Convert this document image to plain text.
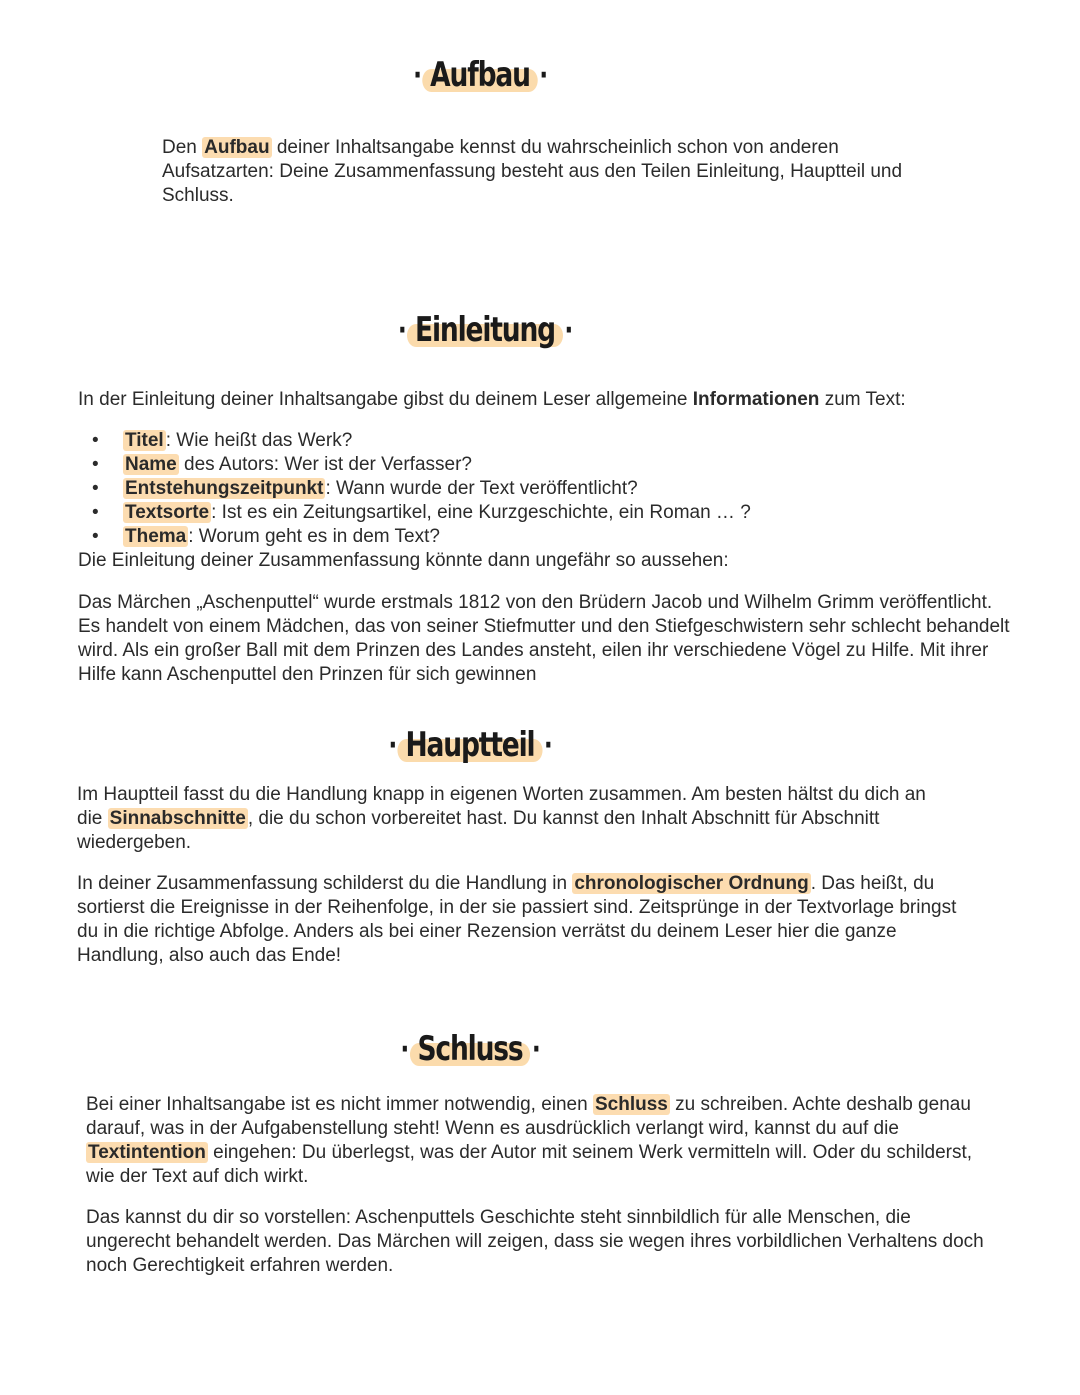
· Aufbau ·

Den Aufbau deiner Inhaltsangabe kennst du wahrscheinlich schon von anderen Aufsatzarten: Deine Zusammenfassung besteht aus den Teilen Einleitung, Hauptteil und Schluss.

· Einleitung ·

In der Einleitung deiner Inhaltsangabe gibst du deinem Leser allgemeine Informationen zum Text:

• Titel : Wie heißt das Werk?
• Name des Autors: Wer ist der Verfasser?
• Entstehungszeitpunkt : Wann wurde der Text veröffentlicht?
• Textsorte : Ist es ein Zeitungsartikel, eine Kurzgeschichte, ein Roman … ?
• Thema : Worum geht es in dem Text?

Die Einleitung deiner Zusammenfassung könnte dann ungefähr so aussehen:

Das Märchen „Aschenputtel“ wurde erstmals 1812 von den Brüdern Jacob und Wilhelm Grimm veröffentlicht. Es handelt von einem Mädchen, das von seiner Stiefmutter und den Stiefgeschwistern sehr schlecht behandelt wird. Als ein großer Ball mit dem Prinzen des Landes ansteht, eilen ihr verschiedene Vögel zu Hilfe. Mit ihrer Hilfe kann Aschenputtel den Prinzen für sich gewinnen

· Hauptteil ·

Im Hauptteil fasst du die Handlung knapp in eigenen Worten zusammen. Am besten hältst du dich an die Sinnabschnitte , die du schon vorbereitet hast. Du kannst den Inhalt Abschnitt für Abschnitt wiedergeben.

In deiner Zusammenfassung schilderst du die Handlung in chronologischer Ordnung . Das heißt, du sortierst die Ereignisse in der Reihenfolge, in der sie passiert sind. Zeitsprünge in der Textvorlage bringst du in die richtige Abfolge. Anders als bei einer Rezension verrätst du deinem Leser hier die ganze Handlung, also auch das Ende!

· Schluss ·

Bei einer Inhaltsangabe ist es nicht immer notwendig, einen Schluss zu schreiben. Achte deshalb genau darauf, was in der Aufgabenstellung steht! Wenn es ausdrücklich verlangt wird, kannst du auf die Textintention eingehen: Du überlegst, was der Autor mit seinem Werk vermitteln will. Oder du schilderst, wie der Text auf dich wirkt.

Das kannst du dir so vorstellen: Aschenputtels Geschichte steht sinnbildlich für alle Menschen, die ungerecht behandelt werden. Das Märchen will zeigen, dass sie wegen ihres vorbildlichen Verhaltens doch noch Gerechtigkeit erfahren werden.
